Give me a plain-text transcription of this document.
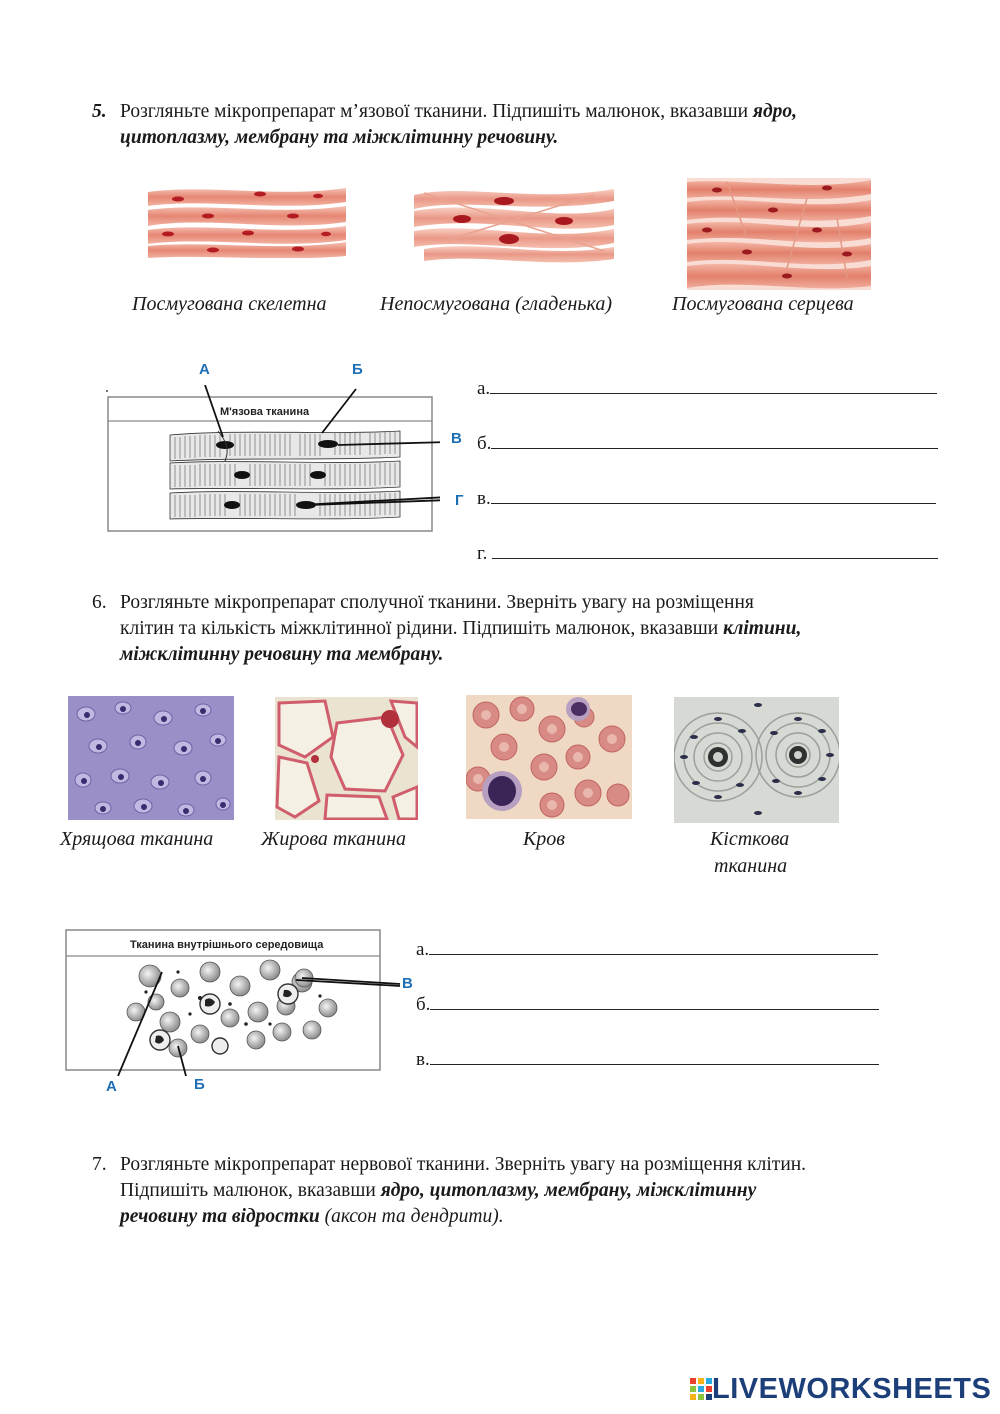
5. Розгляньте мікропрепарат м’язової тканини. Підпишіть малюнок, вказавши ядро,
цитоплазму, мембрану та міжклітинну речовину.
Посмугована скелетна	Непосмугована (гладенька)	Посмугована серцева
М'язова тканина
А	Б
В
Г
а.
б.
в.
г.
6. Розгляньте мікропрепарат сполучної тканини. Зверніть увагу на розміщення
клітин та кількість міжклітинної рідини. Підпишіть малюнок, вказавши клітини,
міжклітинну речовину та мембрану.
Хрящова тканина Жирова тканина	Кров	Кісткова
тканина
Тканина внутрішнього середовища
В
А	Б
а.
б.
в.
7. Розгляньте мікропрепарат нервової тканини. Зверніть увагу на розміщення клітин.
Підпишіть малюнок, вказавши ядро, цитоплазму, мембрану, міжклітинну
речовину та відростки (аксон та дендрити).
LIVEWORKSHEETS
